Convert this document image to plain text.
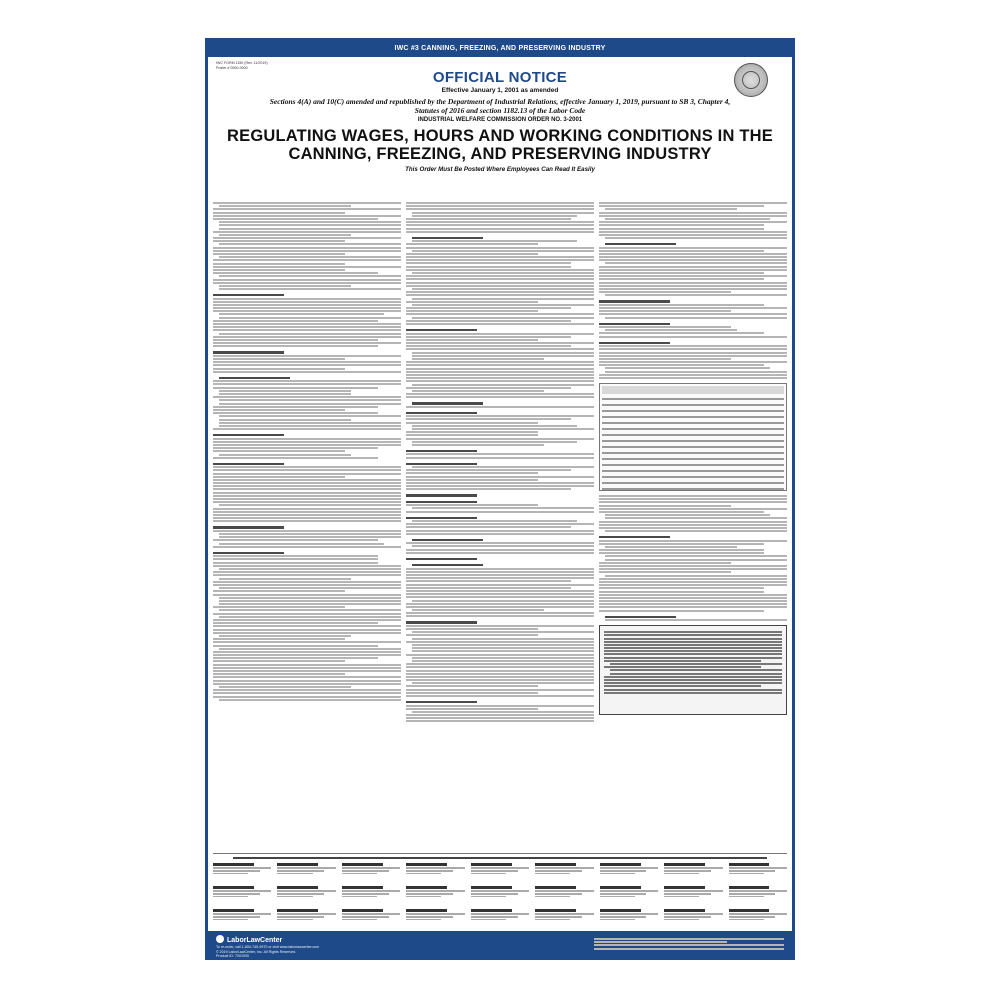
IWC #3 CANNING, FREEZING, AND PRESERVING INDUSTRY
IWC FORM 1150 (Rev. 11/2019)
Poster # 0000-0000
OFFICIAL NOTICE
Effective January 1, 2001 as amended
Sections 4(A) and 10(C) amended and republished by the Department of Industrial Relations, effective January 1, 2019, pursuant to SB 3, Chapter 4, Statutes of 2016 and section 1182.13 of the Labor Code
INDUSTRIAL WELFARE COMMISSION ORDER NO. 3-2001
REGULATING WAGES, HOURS AND WORKING CONDITIONS IN THE
CANNING, FREEZING, AND PRESERVING INDUSTRY
This Order Must Be Posted Where Employees Can Read It Easily
LaborLawCenter
To re-order, call 1-800-745-9970 or visit www.laborlawcenter.com
© 2019 LaborLawCenter, Inc. All Rights Reserved.
Product ID: 7001930
